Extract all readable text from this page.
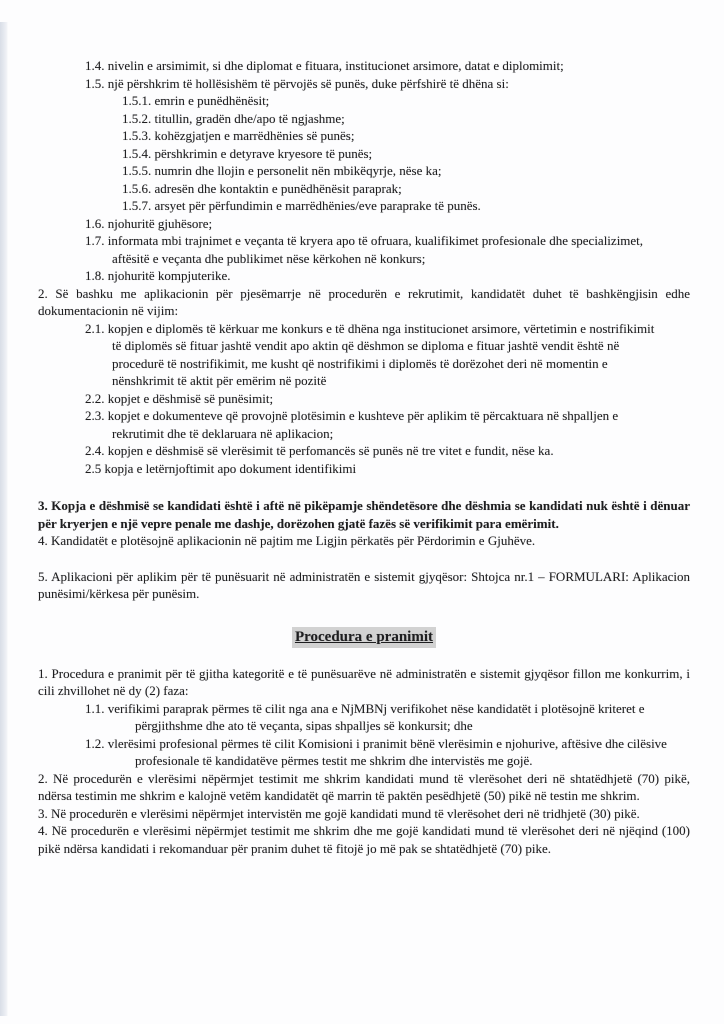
1.4. nivelin e arsimimit, si dhe diplomat e fituara, institucionet arsimore, datat e diplomimit;
1.5. një përshkrim të hollësishëm të përvojës së punës, duke përfshirë të dhëna si:
1.5.1. emrin e punëdhënësit;
1.5.2. titullin, gradën dhe/apo të ngjashme;
1.5.3. kohëzgjatjen e marrëdhënies së punës;
1.5.4. përshkrimin e detyrave kryesore të punës;
1.5.5. numrin dhe llojin e personelit nën mbikëqyrje, nëse ka;
1.5.6. adresën dhe kontaktin e punëdhënësit paraprak;
1.5.7. arsyet për përfundimin e marrëdhënies/eve paraprake të punës.
1.6. njohuritë gjuhësore;
1.7. informata mbi trajnimet e veçanta të kryera apo të ofruara, kualifikimet profesionale dhe specializimet, aftësitë e veçanta dhe publikimet nëse kërkohen në konkurs;
1.8. njohuritë kompjuterike.
2. Së bashku me aplikacionin për pjesëmarrje në procedurën e rekrutimit, kandidatët duhet të bashkëngjisin edhe dokumentacionin në vijim:
2.1. kopjen e diplomës të kërkuar me konkurs e të dhëna nga institucionet arsimore, vërtetimin e nostrifikimit të diplomës së fituar jashtë vendit apo aktin që dëshmon se diploma e fituar jashtë vendit është në procedurë të nostrifikimit, me kusht që nostrifikimi i diplomës të dorëzohet deri në momentin e nënshkrimit të aktit për emërim në pozitë
2.2. kopjet e dëshmisë së punësimit;
2.3. kopjet e dokumenteve që provojnë plotësimin e kushteve për aplikim të përcaktuara në shpalljen e rekrutimit dhe të deklaruara në aplikacion;
2.4. kopjen e dëshmisë së vlerësimit të perfomancës së punës në tre vitet e fundit, nëse ka.
2.5 kopja e letërnjoftimit apo dokument identifikimi
3. Kopja e dëshmisë se kandidati është i aftë në pikëpamje shëndetësore dhe dëshmia se kandidati nuk është i dënuar për kryerjen e një vepre penale me dashje, dorëzohen gjatë fazës së verifikimit para emërimit.
4. Kandidatët e plotësojnë aplikacionin në pajtim me Ligjin përkatës për Përdorimin e Gjuhëve.
5. Aplikacioni për aplikim për të punësuarit në administratën e sistemit gjyqësor: Shtojca nr.1 – FORMULARI: Aplikacion punësimi/kërkesa për punësim.
Procedura e pranimit
1. Procedura e pranimit për të gjitha kategoritë e të punësuarëve në administratën e sistemit gjyqësor fillon me konkurrim, i cili zhvillohet në dy (2) faza:
1.1. verifikimi paraprak përmes të cilit nga ana e NjMBNj verifikohet nëse kandidatët i plotësojnë kriteret e përgjithshme dhe ato të veçanta, sipas shpalljes së konkursit; dhe
1.2. vlerësimi profesional përmes të cilit Komisioni i pranimit bënë vlerësimin e njohurive, aftësive dhe cilësive profesionale të kandidatëve përmes testit me shkrim dhe intervistës me gojë.
2. Në procedurën e vlerësimi nëpërmjet testimit me shkrim kandidati mund të vlerësohet deri në shtatëdhjetë (70) pikë, ndërsa testimin me shkrim e kalojnë vetëm kandidatët që marrin të paktën pesëdhjetë (50) pikë në testin me shkrim.
3. Në procedurën e vlerësimi nëpërmjet intervistën me gojë kandidati mund të vlerësohet deri në tridhjetë (30) pikë.
4. Në procedurën e vlerësimi nëpërmjet testimit me shkrim dhe me gojë kandidati mund të vlerësohet deri në njëqind (100) pikë ndërsa kandidati i rekomanduar për pranim duhet të fitojë jo më pak se shtatëdhjetë (70) pike.
